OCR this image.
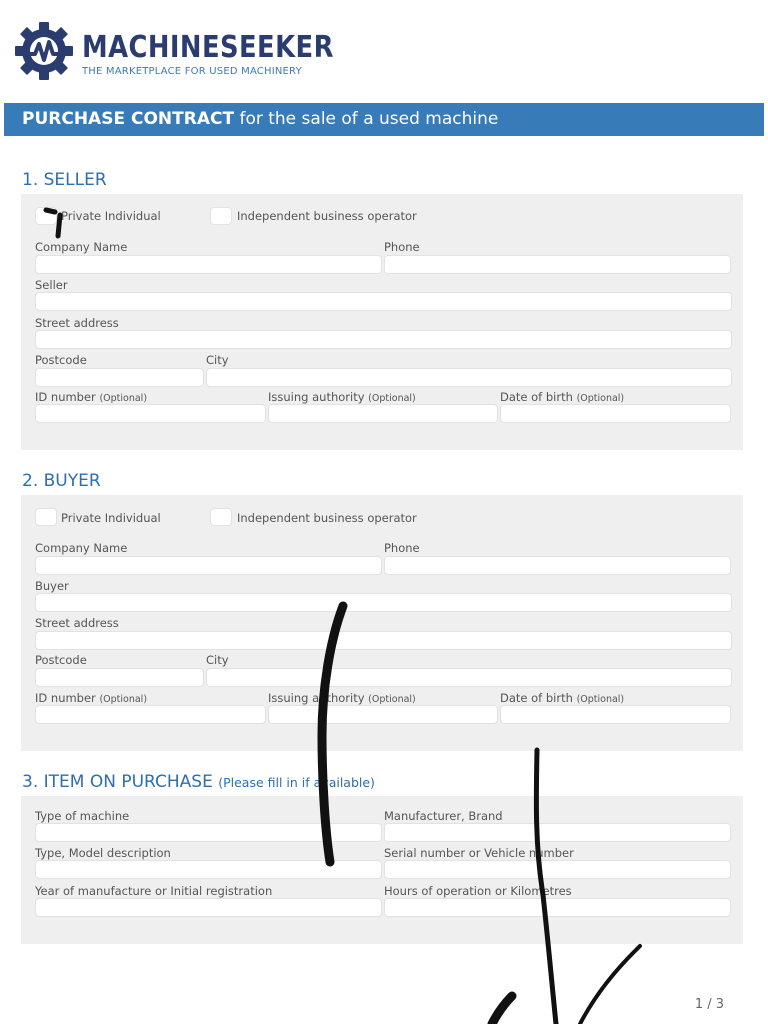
MACHINESEEKER
THE MARKETPLACE FOR USED MACHINERY
PURCHASE CONTRACT for the sale of a used machine
1. SELLER
Private Individual	Independent business operator
Company Name	Phone
Seller
Street address
Postcode	City
ID number (Optional)	Issuing authority (Optional)	Date of birth (Optional)
2. BUYER
Private Individual	Independent business operator
Company Name	Phone
Buyer
Street address
Postcode	City
ID number (Optional)	Issuing authority (Optional)	Date of birth (Optional)
3. ITEM ON PURCHASE (Please fill in if available)
Type of machine	Manufacturer, Brand
Type, Model description	Serial number or Vehicle number
Year of manufacture or Initial registration	Hours of operation or Kilometres
1 / 3
